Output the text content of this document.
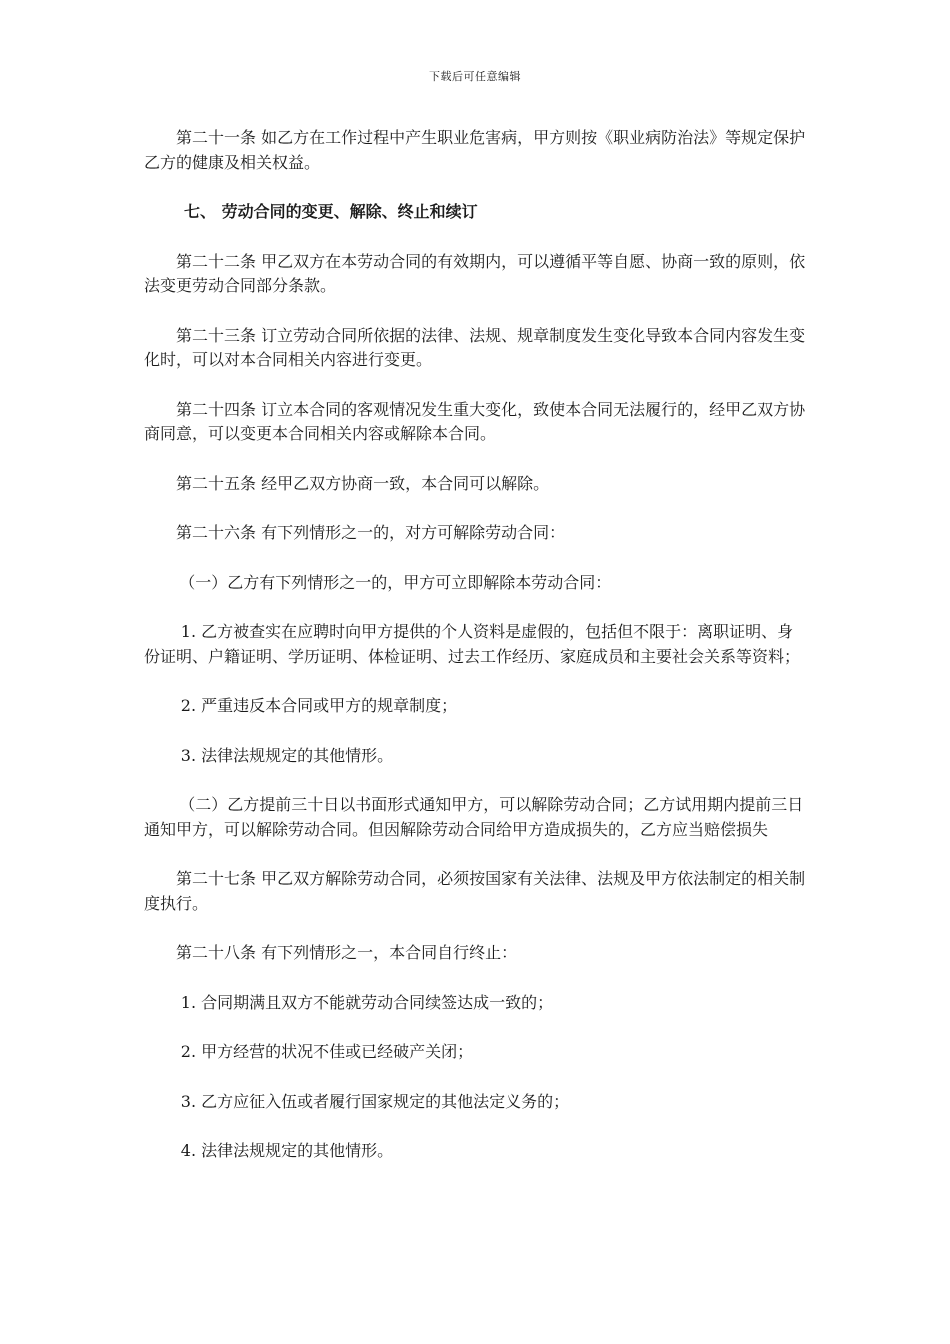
下载后可任意编辑

第二十一条 如乙方在工作过程中产生职业危害病，甲方则按《职业病防治法》等规定保护乙方的健康及相关权益。

七、 劳动合同的变更、解除、终止和续订

第二十二条 甲乙双方在本劳动合同的有效期内，可以遵循平等自愿、协商一致的原则，依法变更劳动合同部分条款。

第二十三条 订立劳动合同所依据的法律、法规、规章制度发生变化导致本合同内容发生变化时，可以对本合同相关内容进行变更。

第二十四条 订立本合同的客观情况发生重大变化，致使本合同无法履行的，经甲乙双方协商同意，可以变更本合同相关内容或解除本合同。

第二十五条 经甲乙双方协商一致，本合同可以解除。

第二十六条 有下列情形之一的，对方可解除劳动合同：

（一）乙方有下列情形之一的，甲方可立即解除本劳动合同：

1. 乙方被查实在应聘时向甲方提供的个人资料是虚假的，包括但不限于：离职证明、身份证明、户籍证明、学历证明、体检证明、过去工作经历、家庭成员和主要社会关系等资料；

2. 严重违反本合同或甲方的规章制度；

3. 法律法规规定的其他情形。

（二）乙方提前三十日以书面形式通知甲方，可以解除劳动合同；乙方试用期内提前三日通知甲方，可以解除劳动合同。但因解除劳动合同给甲方造成损失的，乙方应当赔偿损失

第二十七条 甲乙双方解除劳动合同，必须按国家有关法律、法规及甲方依法制定的相关制度执行。

第二十八条 有下列情形之一，本合同自行终止：

1. 合同期满且双方不能就劳动合同续签达成一致的；

2. 甲方经营的状况不佳或已经破产关闭；

3. 乙方应征入伍或者履行国家规定的其他法定义务的；

4. 法律法规规定的其他情形。
